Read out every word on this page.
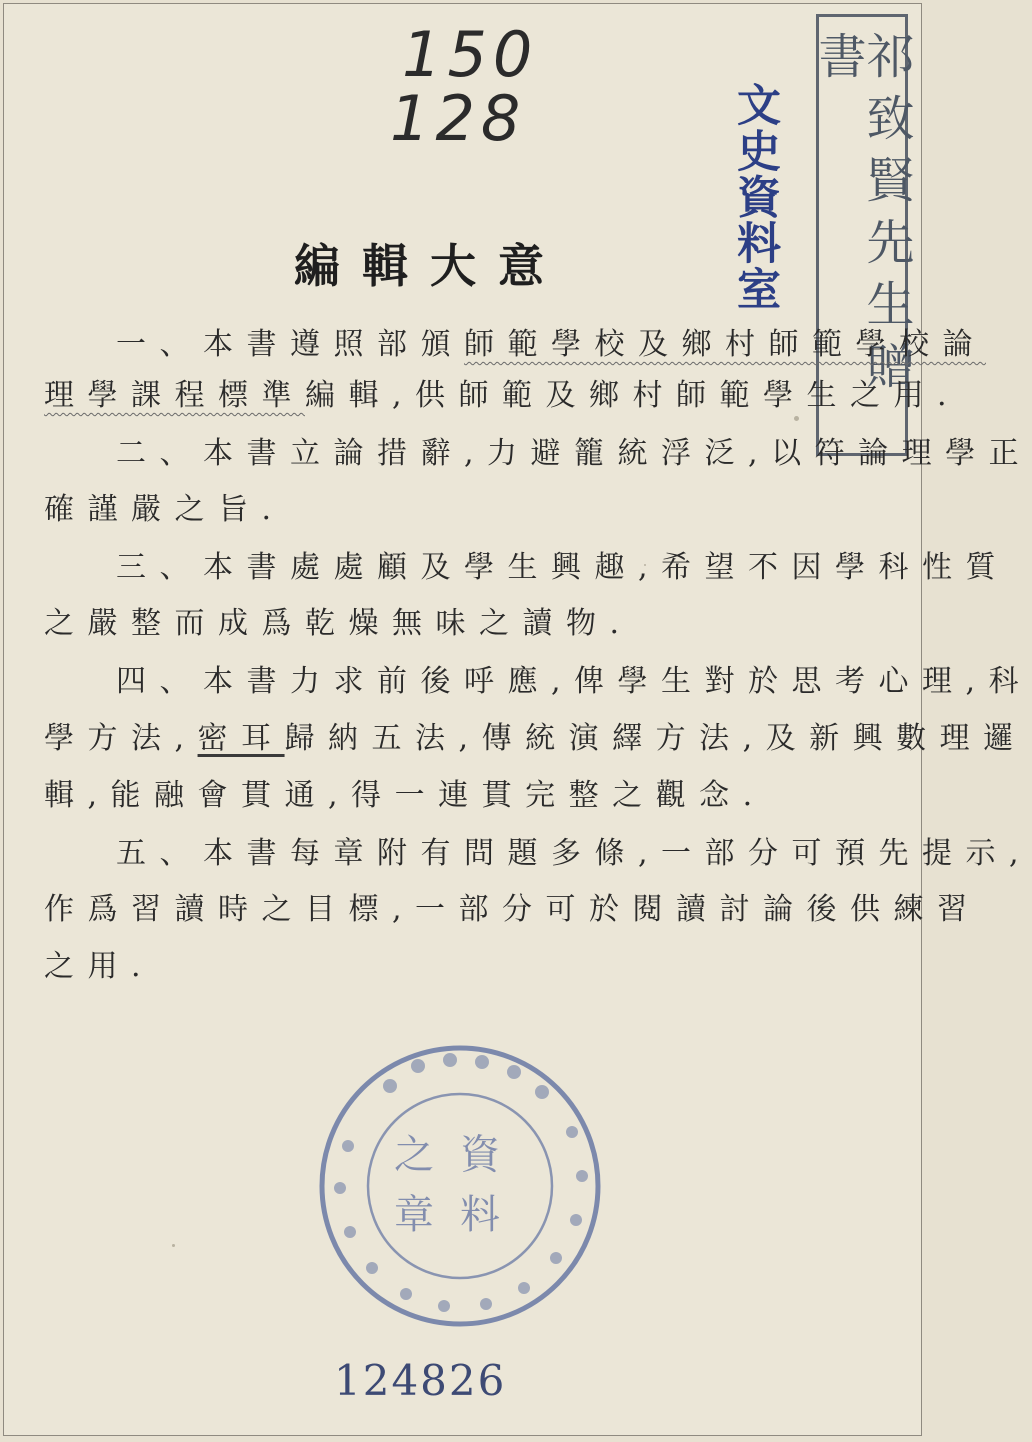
150
128	文史資料室	祁致賢先生贈書
編輯大意
一、本書遵照部頒師範學校及鄉村師範學校論
理學課程標準編輯,供師範及鄉村師範學生之用.
二、本書立論措辭,力避籠統浮泛,以符論理學正
確謹嚴之旨.
三、本書處處顧及學生興趣,希望不因學科性質
之嚴整而成爲乾燥無味之讀物.
四、本書力求前後呼應,俾學生對於思考心理,科
學方法,密耳歸納五法,傳統演繹方法,及新興數理邏
輯,能融會貫通,得一連貫完整之觀念.
五、本書每章附有問題多條,一部分可預先提示,
作爲習讀時之目標,一部分可於閱讀討論後供練習
之用.
之資
章料
124826
